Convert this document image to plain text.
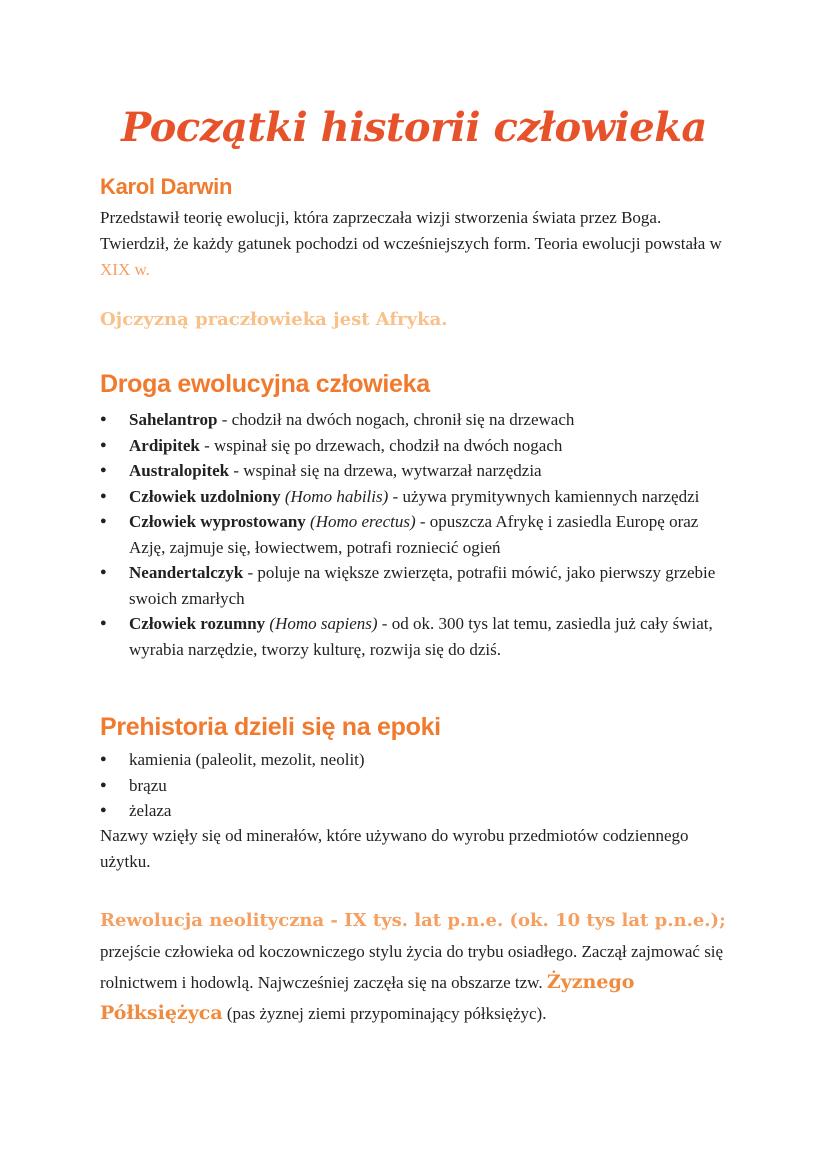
Początki historii człowieka
Karol Darwin

Przedstawił teorię ewolucji, która zaprzeczała wizji stworzenia świata przez Boga. Twierdził, że każdy gatunek pochodzi od wcześniejszych form. Teoria ewolucji powstała w XIX w.

Ojczyzną praczłowieka jest Afryka.

Droga ewolucyjna człowieka
● Sahelantrop - chodził na dwóch nogach, chronił się na drzewach
● Ardipitek - wspinał się po drzewach, chodził na dwóch nogach
● Australopitek - wspinał się na drzewa, wytwarzał narzędzia
● Człowiek uzdolniony (Homo habilis) - używa prymitywnych kamiennych narzędzi
● Człowiek wyprostowany (Homo erectus) - opuszcza Afrykę i zasiedla Europę oraz Azję, zajmuje się, łowiectwem, potrafi rozniecić ogień
● Neandertalczyk - poluje na większe zwierzęta, potrafii mówić, jako pierwszy grzebie swoich zmarłych
● Człowiek rozumny (Homo sapiens) - od ok. 300 tys lat temu, zasiedla już cały świat, wyrabia narzędzie, tworzy kulturę, rozwija się do dziś.
Prehistoria dzieli się na epoki
● kamienia (paleolit, mezolit, neolit)
● brązu
● żelaza

Nazwy wzięły się od minerałów, które używano do wyrobu przedmiotów codziennego użytku.

Rewolucja neolityczna - IX tys. lat p.n.e. (ok. 10 tys lat p.n.e.);
przejście człowieka od koczowniczego stylu życia do trybu osiadłego. Zaczął zajmować się rolnictwem i hodowlą. Najwcześniej zaczęła się na obszarze tzw. Żyznego Półksiężyca (pas żyznej ziemi przypominający półksiężyc).
